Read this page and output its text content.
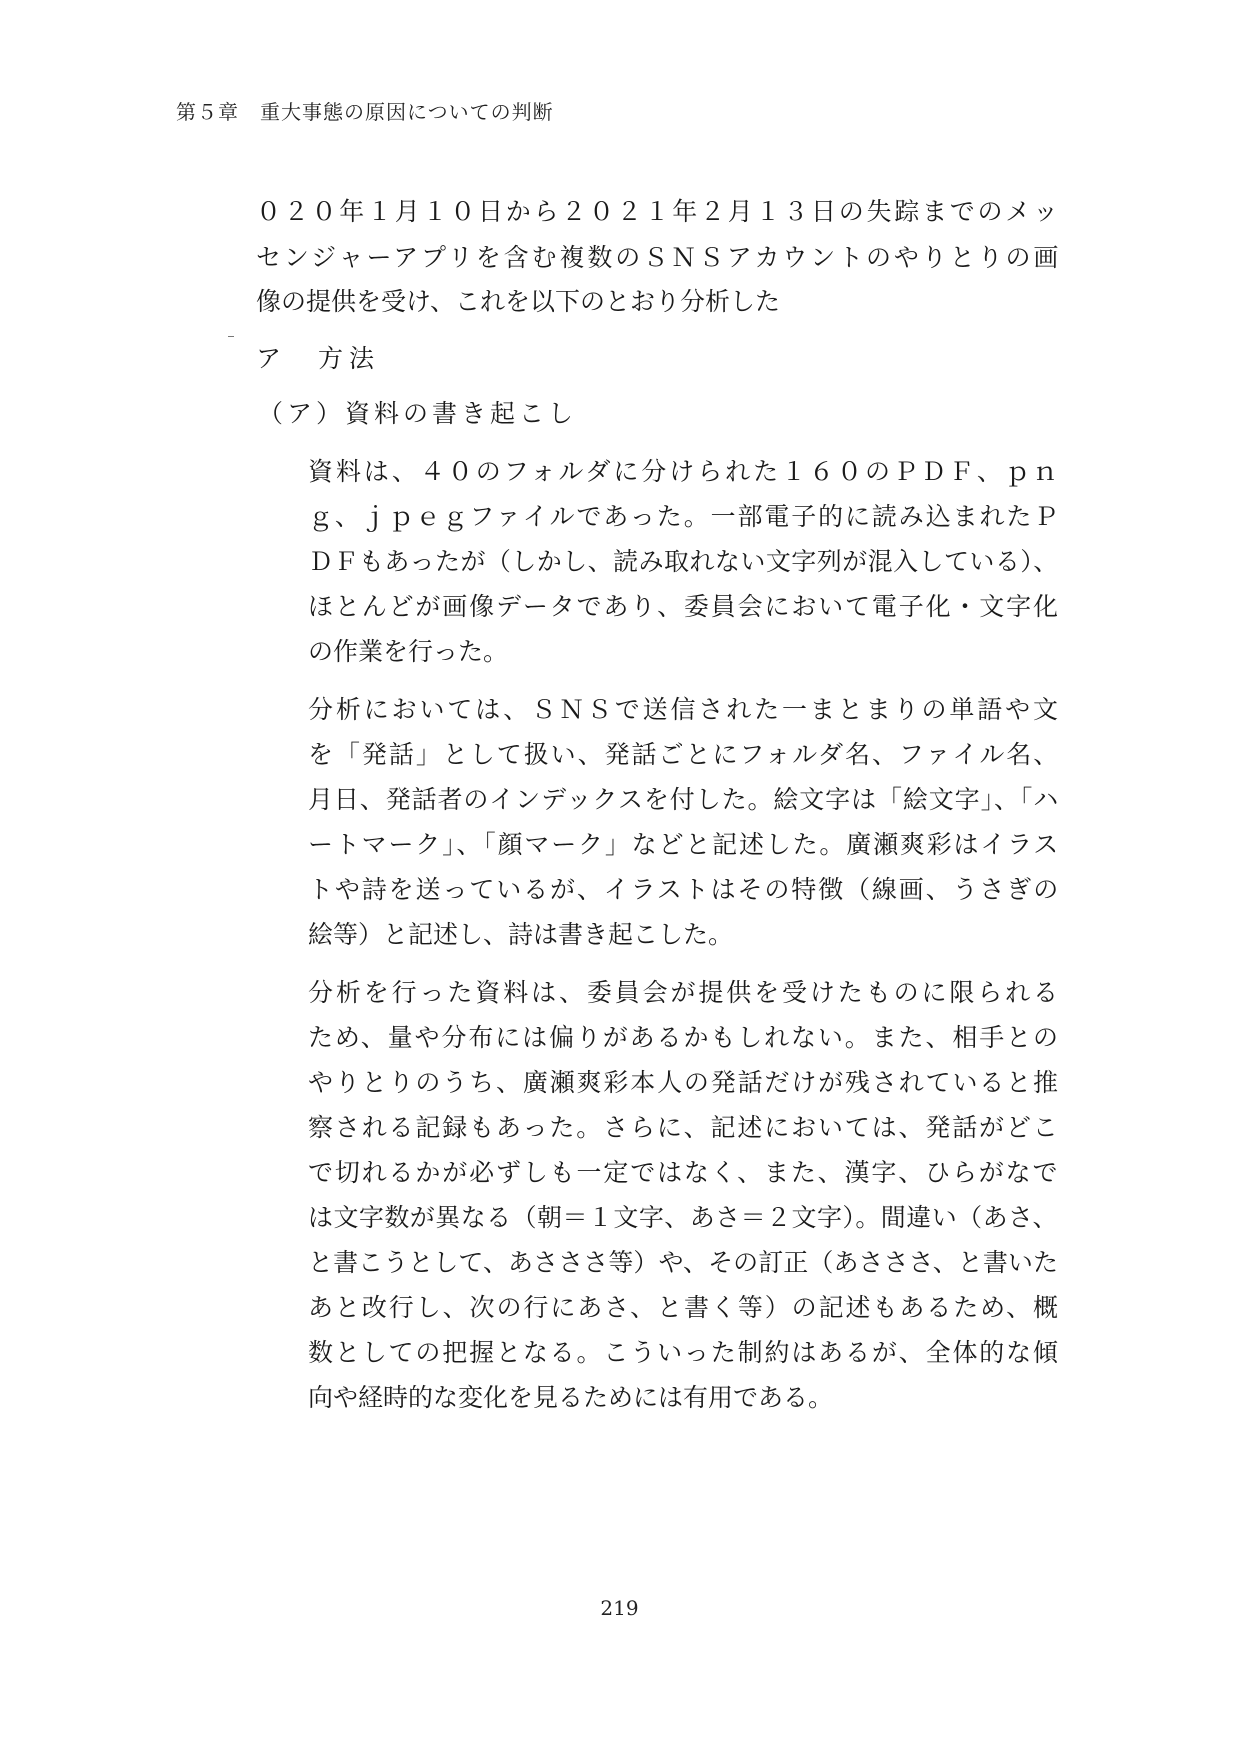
第５章　重大事態の原因についての判断
０２０年１月１０日から２０２１年２月１３日の失踪までのメッ
センジャーアプリを含む複数のＳＮＳアカウントのやりとりの画
像の提供を受け、これを以下のとおり分析した
ア　方法
（ア）資料の書き起こし
資料は、４０のフォルダに分けられた１６０のＰＤＦ、ｐｎ
ｇ、ｊｐｅｇファイルであった。一部電子的に読み込まれたＰ
ＤＦもあったが（しかし、読み取れない文字列が混入している）、
ほとんどが画像データであり、委員会において電子化・文字化
の作業を行った。
分析においては、ＳＮＳで送信された一まとまりの単語や文
を「発話」として扱い、発話ごとにフォルダ名、ファイル名、
月日、発話者のインデックスを付した。絵文字は「絵文字」、「ハ
ートマーク」、「顔マーク」などと記述した。廣瀬爽彩はイラス
トや詩を送っているが、イラストはその特徴（線画、うさぎの
絵等）と記述し、詩は書き起こした。
分析を行った資料は、委員会が提供を受けたものに限られる
ため、量や分布には偏りがあるかもしれない。また、相手との
やりとりのうち、廣瀬爽彩本人の発話だけが残されていると推
察される記録もあった。さらに、記述においては、発話がどこ
で切れるかが必ずしも一定ではなく、また、漢字、ひらがなで
は文字数が異なる（朝＝１文字、あさ＝２文字）。間違い（あさ、
と書こうとして、あさささ等）や、その訂正（あさささ、と書いた
あと改行し、次の行にあさ、と書く等）の記述もあるため、概
数としての把握となる。こういった制約はあるが、全体的な傾
向や経時的な変化を見るためには有用である。
219
